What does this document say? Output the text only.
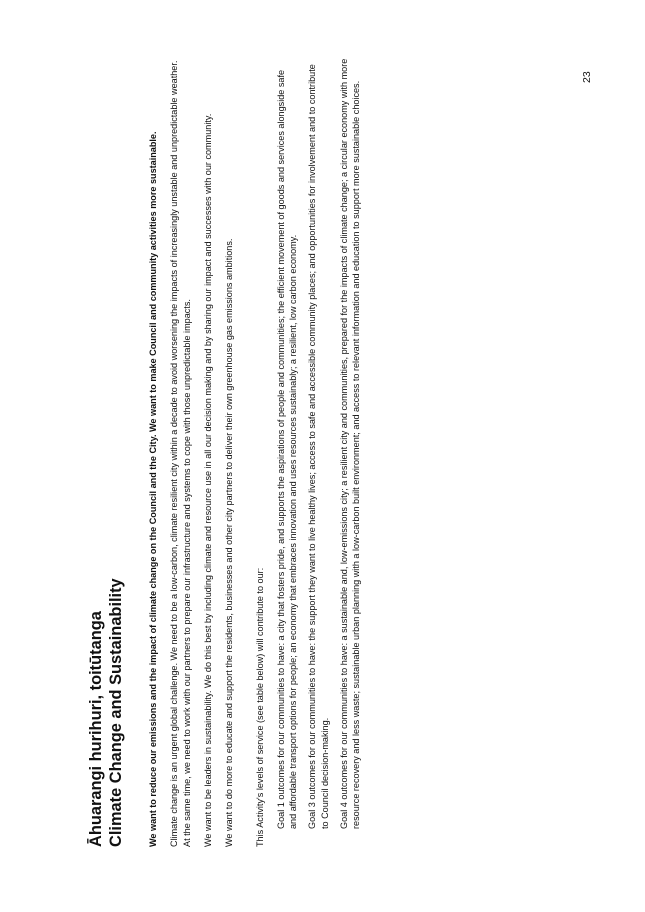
23
Āhuarangi hurihuri, toitūtanga Climate Change and Sustainability	We want to reduce our emissions and the impact of climate change on the Council and the City. We want to make Council and community activities more sustainable. Climate change is an urgent global challenge. We need to be a low-carbon, climate resilient city within a decade to avoid worsening the impacts of increasingly unstable and unpredictable weather. At the same time, we need to work with our partners to prepare our infrastructure and systems to cope with those unpredictable impacts. We want to be leaders in sustainability. We do this best by including climate and resource use in all our decision making and by sharing our impact and successes with our community. We want to do more to educate and support the residents, businesses and other city partners to deliver their own greenhouse gas emissions ambitions. This Activity's levels of service (see table below) will contribute to our: Goal 1 outcomes for our communities to have: a city that fosters pride, and supports the aspirations of people and communities; the efficient movement of goods and services alongside safe and affordable transport options for people; an economy that embraces innovation and uses resources sustainably; a resilient, low carbon economy. Goal 3 outcomes for our communities to have: the support they want to live healthy lives; access to safe and accessible community places; and opportunities for involvement and to contribute to Council decision-making. Goal 4 outcomes for our communities to have: a sustainable and, low-emissions city; a resilient city and communities, prepared for the impacts of climate change; a circular economy with more resource recovery and less waste; sustainable urban planning with a low-carbon built environment; and access to relevant information and education to support more sustainable choices.
